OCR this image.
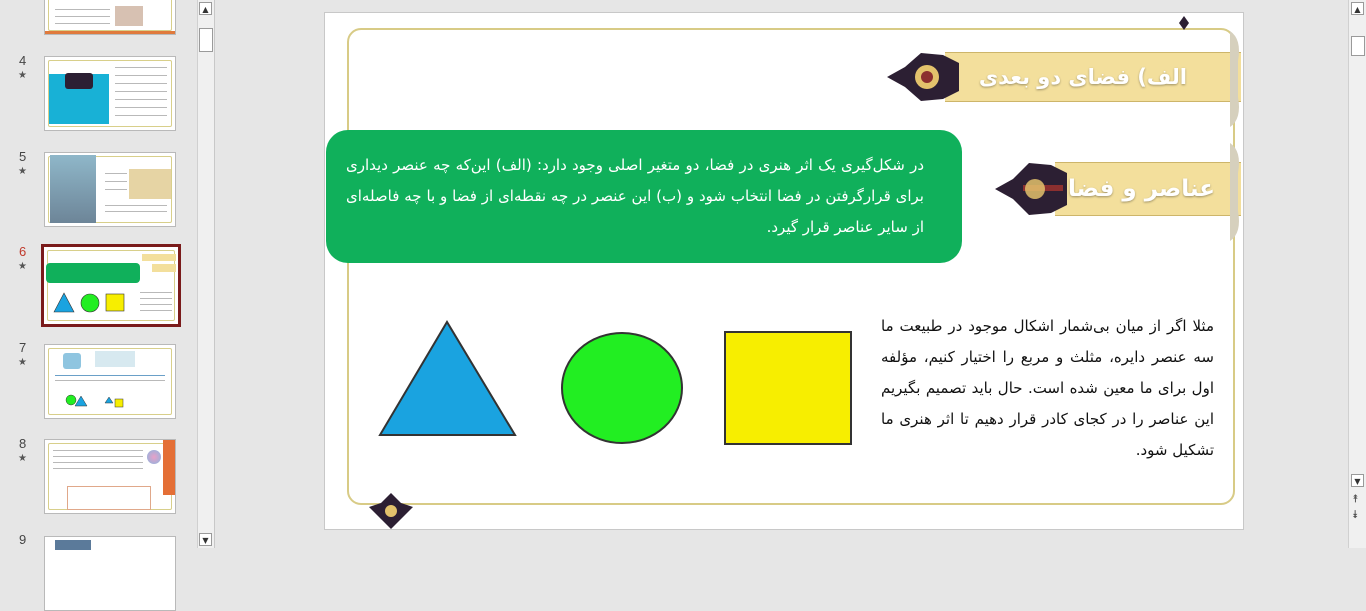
4
★
5
★
6
★
7
★
8
★
9
▲
▼
الف) فضای دو بعدی
عناصر و فضا
در شکل‌گیری یک اثر هنری در فضا، دو متغیر اصلی وجود دارد: (الف) این‌که چه عنصر دیداری برای قرارگرفتن در فضا انتخاب شود و (ب) این عنصر در چه نقطه‌ای از فضا و با چه فاصله‌ای از سایر عناصر قرار گیرد.
مثلا اگر از میان بی‌شمار اشکال موجود در طبیعت ما سه عنصر دایره، مثلث و مربع را اختیار کنیم، مؤلفه اول برای ما معین شده است. حال باید تصمیم بگیریم این عناصر را در کجای کادر قرار دهیم تا اثر هنری ما تشکیل شود.
▲
▼
⯭
⯯
